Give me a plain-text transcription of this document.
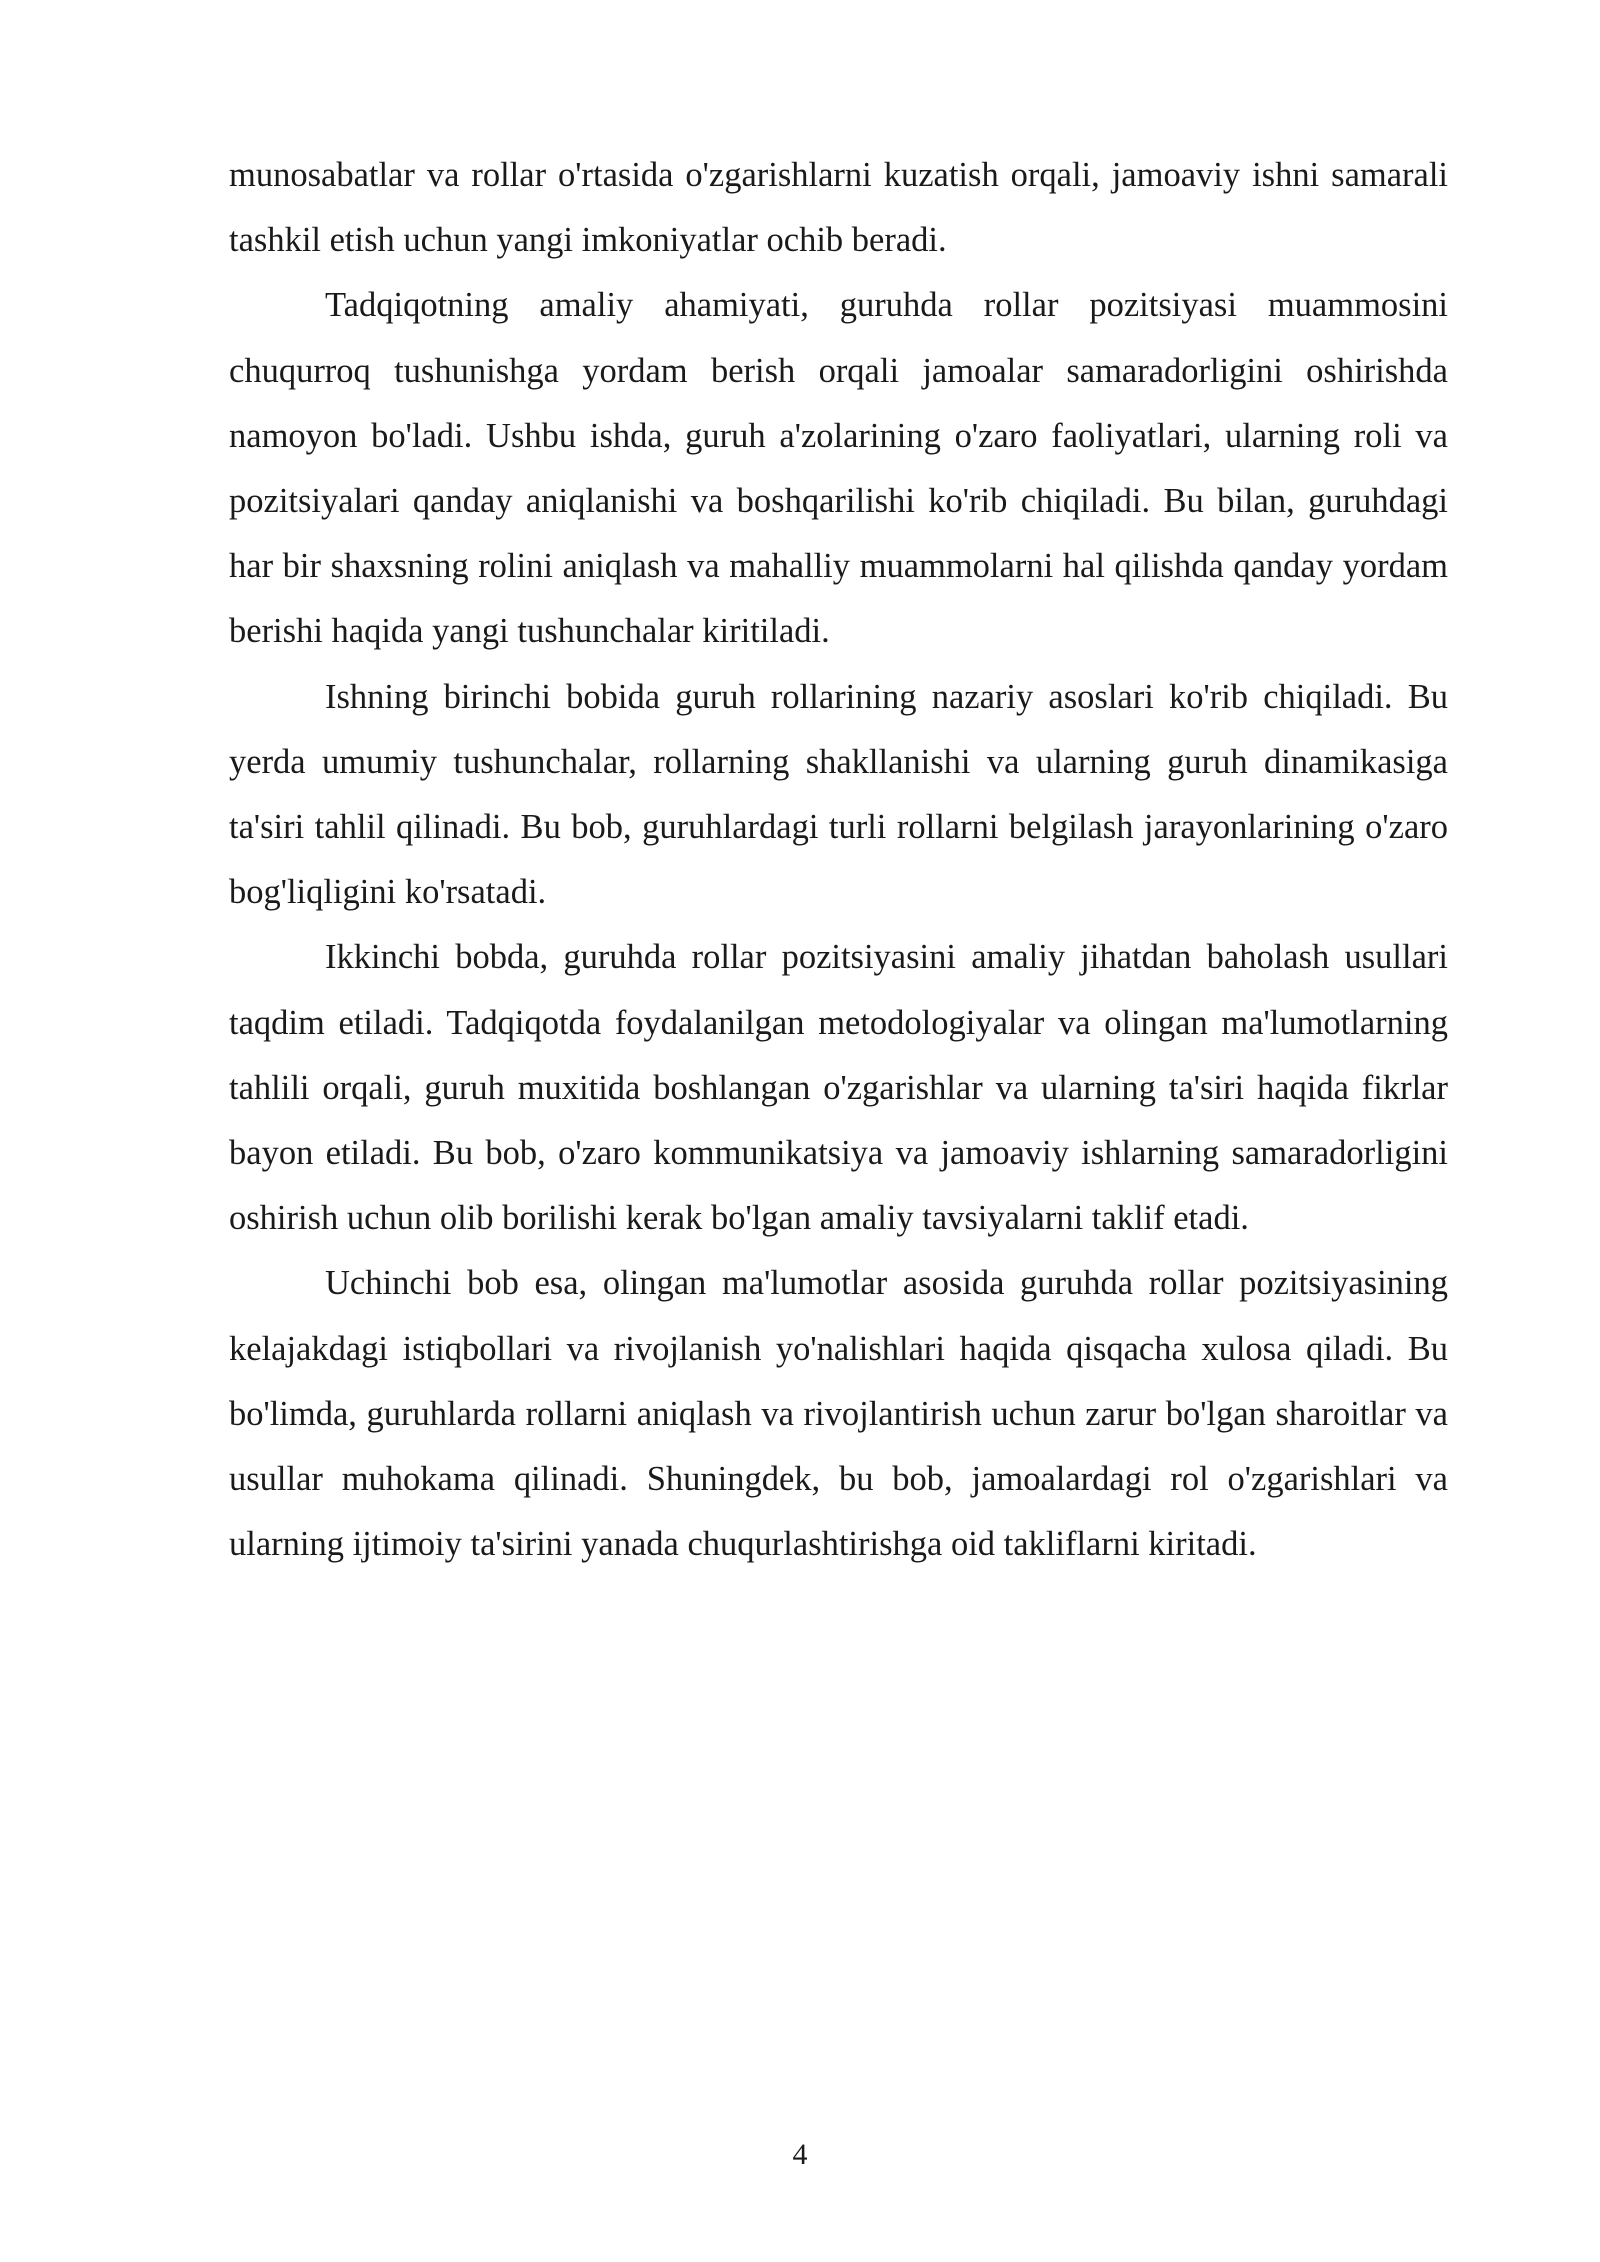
munosabatlar va rollar o'rtasida o'zgarishlarni kuzatish orqali, jamoaviy ishni samarali tashkil etish uchun yangi imkoniyatlar ochib beradi.

Tadqiqotning amaliy ahamiyati, guruhda rollar pozitsiyasi muammosini chuqurroq tushunishga yordam berish orqali jamoalar samaradorligini oshirishda namoyon bo'ladi. Ushbu ishda, guruh a'zolarining o'zaro faoliyatlari, ularning roli va pozitsiyalari qanday aniqlanishi va boshqarilishi ko'rib chiqiladi. Bu bilan, guruhdagi har bir shaxsning rolini aniqlash va mahalliy muammolarni hal qilishda qanday yordam berishi haqida yangi tushunchalar kiritiladi.

Ishning birinchi bobida guruh rollarining nazariy asoslari ko'rib chiqiladi. Bu yerda umumiy tushunchalar, rollarning shakllanishi va ularning guruh dinamikasiga ta'siri tahlil qilinadi. Bu bob, guruhlardagi turli rollarni belgilash jarayonlarining o'zaro bog'liqligini ko'rsatadi.

Ikkinchi bobda, guruhda rollar pozitsiyasini amaliy jihatdan baholash usullari taqdim etiladi. Tadqiqotda foydalanilgan metodologiyalar va olingan ma'lumotlarning tahlili orqali, guruh muxitida boshlangan o'zgarishlar va ularning ta'siri haqida fikrlar bayon etiladi. Bu bob, o'zaro kommunikatsiya va jamoaviy ishlarning samaradorligini oshirish uchun olib borilishi kerak bo'lgan amaliy tavsiyalarni taklif etadi.

Uchinchi bob esa, olingan ma'lumotlar asosida guruhda rollar pozitsiyasining kelajakdagi istiqbollari va rivojlanish yo'nalishlari haqida qisqacha xulosa qiladi. Bu bo'limda, guruhlarda rollarni aniqlash va rivojlantirish uchun zarur bo'lgan sharoitlar va usullar muhokama qilinadi. Shuningdek, bu bob, jamoalardagi rol o'zgarishlari va ularning ijtimoiy ta'sirini yanada chuqurlashtirishga oid takliflarni kiritadi.

4
